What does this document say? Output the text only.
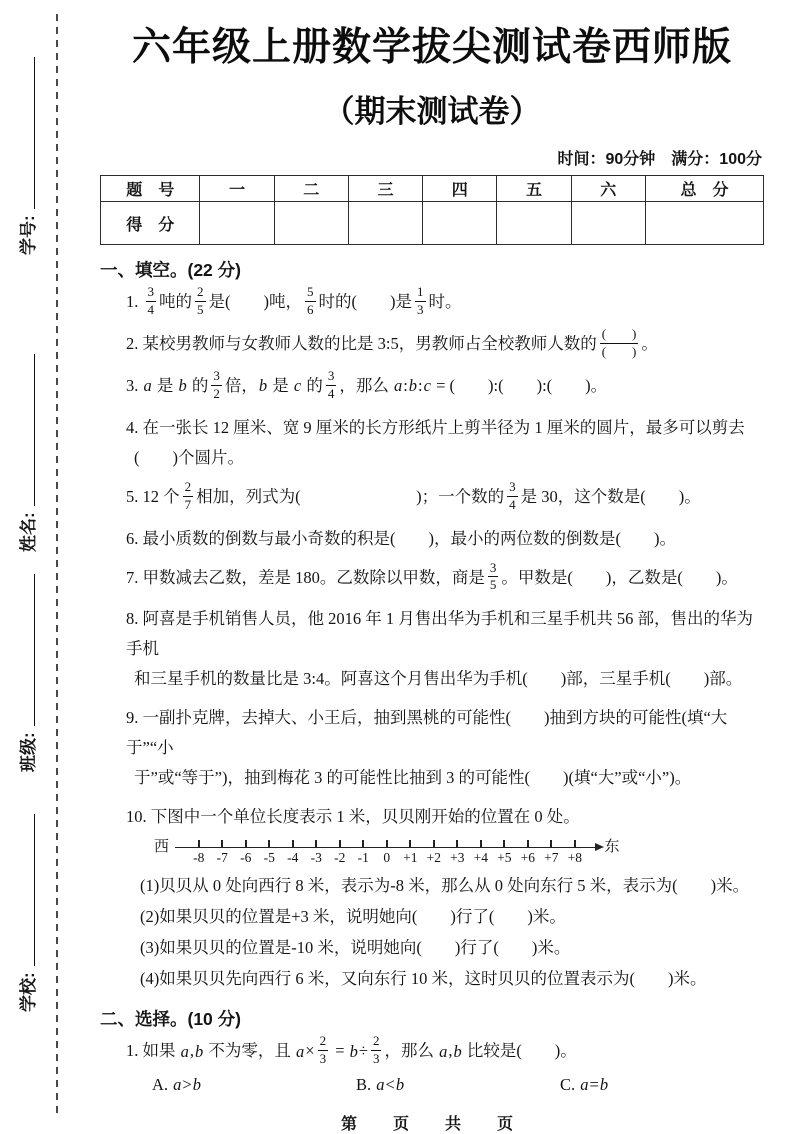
学号:
姓名:
班级:
学校:
六年级上册数学拔尖测试卷西师版
（期末测试卷）
时间：90分钟　满分：100分
题　号	一	二	三	四	五	六	总　分
得　分							
一、填空。(22 分)
1. $\frac{3}{4}$ 吨的 $\frac{2}{5}$ 是(　　)吨， $\frac{5}{6}$ 时的(　　)是 $\frac{1}{3}$ 时。
2. 某校男教师与女教师人数的比是 3:5，男教师占全校教师人数的 $\frac{( )}{( )}$ 。
3. a 是 b 的 $\frac{3}{2}$ 倍，b 是 c 的 $\frac{3}{4}$ ，那么 a:b:c = (　　):(　　):(　　)。
4. 在一张长 12 厘米、宽 9 厘米的长方形纸片上剪半径为 1 厘米的圆片，最多可以剪去
(　　)个圆片。
5. 12 个 $\frac{2}{7}$ 相加，列式为(　　　　　　　)；一个数的 $\frac{3}{4}$ 是 30，这个数是(　　)。
6. 最小质数的倒数与最小奇数的积是(　　)，最小的两位数的倒数是(　　)。
7. 甲数减去乙数，差是 180。乙数除以甲数，商是 $\frac{3}{5}$ 。甲数是(　　)，乙数是(　　)。
8. 阿喜是手机销售人员，他 2016 年 1 月售出华为手机和三星手机共 56 部，售出的华为手机
和三星手机的数量比是 3:4。阿喜这个月售出华为手机(　　)部，三星手机(　　)部。
9. 一副扑克牌，去掉大、小王后，抽到黑桃的可能性(　　)抽到方块的可能性(填“大于”“小
于”或“等于”)，抽到梅花 3 的可能性比抽到 3 的可能性(　　)(填“大”或“小”)。
10. 下图中一个单位长度表示 1 米，贝贝刚开始的位置在 0 处。
西
-8 -7 -6 -5 -4 -3 -2 -1	0 +1 +2 +3 +4 +5 +6 +7 +8
东
(1)贝贝从 0 处向西行 8 米，表示为-8 米，那么从 0 处向东行 5 米，表示为(　　)米。
(2)如果贝贝的位置是+3 米，说明她向(　　)行了(　　)米。
(3)如果贝贝的位置是-10 米，说明她向(　　)行了(　　)米。
(4)如果贝贝先向西行 6 米，又向东行 10 米，这时贝贝的位置表示为(　　)米。
二、选择。(10 分)
1. 如果 a,b 不为零，且 $a\times \frac{2}{3} = b\div \frac{2}{3}$ ，那么 a,b 比较是(　　)。
A. a>b	B. a<b	C. a=b
第　页　共　页
